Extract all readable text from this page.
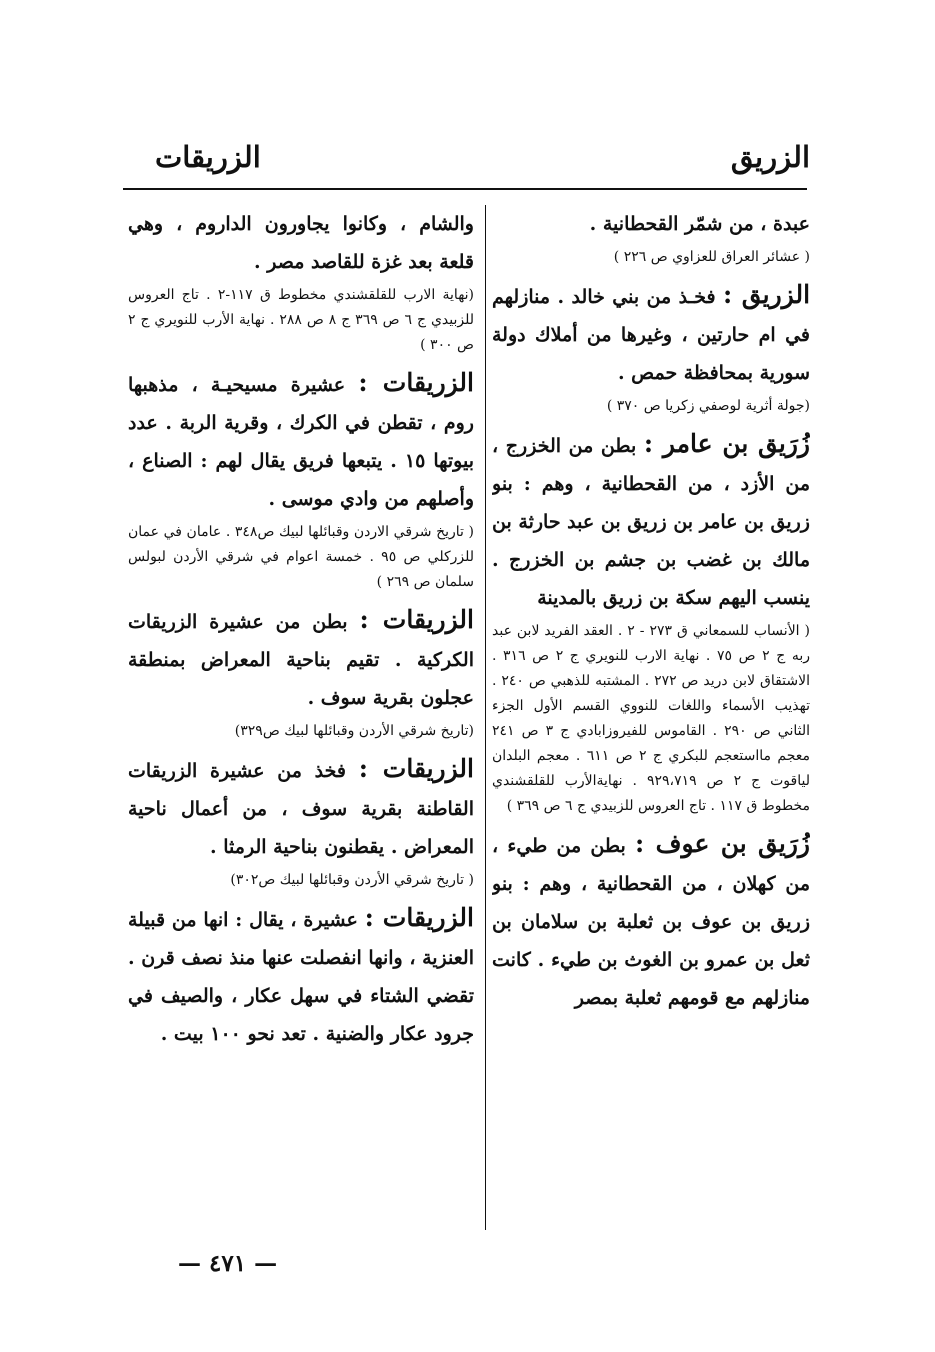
الزريق
الزريقات

عبدة ، من شمّر القحطانية .

( عشائر العراق للعزاوي ص ٢٢٦ )

الزريق : فخـذ من بني خالد . منازلهم في ام حارتين ، وغيرها من أملاك دولة سورية بمحافظة حمص .

(جولة أثرية لوصفي زكريا ص ٣٧٠ )

زُرَيق بن عامر : بطن من الخزرج ، من الأزد ، من القحطانية ، وهم : بنو زريق بن عامر بن زريق بن عبد حارثة بن مالك بن غضب بن جشم بن الخزرج . ينسب اليهم سكة بن زريق بالمدينة

( الأنساب للسمعاني ق ٢٧٣ - ٢ . العقد الفريد لابن عبد ربه ج ٢ ص ٧٥ . نهاية الارب للنويري ج ٢ ص ٣١٦ . الاشتقاق لابن دريد ص ٢٧٢ . المشتبه للذهبي ص ٢٤٠ . تهذيب الأسماء واللغات للنووي القسم الأول الجزء الثاني ص ٢٩٠ . القاموس للفيروزابادي ج ٣ ص ٢٤١ معجم مااستعجم للبكري ج ٢ ص ٦١١ . معجم البلدان لياقوت ج ٢ ص ٩٢٩،٧١٩ . نهايةالأرب للقلقشندي مخطوط ق ١١٧ . تاج العروس للزبيدي ج ٦ ص ٣٦٩ )

زُرَيق بن عوف : بطن من طيء ، من كهلان ، من القحطانية ، وهم : بنو زريق بن عوف بن ثعلبة بن سلامان بن ثعل بن عمرو بن الغوث بن طيء . كانت منازلهم مع قومهم ثعلبة بمصر

والشام ، وكانوا يجاورون الداروم ، وهي قلعة بعد غزة للقاصد مصر .

(نهاية الارب للقلقشندي مخطوط ق ١١٧-٢ . تاج العروس للزبيدي ج ٦ ص ٣٦٩ ج ٨ ص ٢٨٨ . نهاية الأرب للنويري ج ٢ ص ٣٠٠ )

الزريقات : عشيرة مسيحيـة ، مذهبها روم ، تقطن في الكرك ، وقرية الربة . عدد بيوتها ١٥ . يتبعها فريق يقال لهم : الصناع ، وأصلهم من وادي موسى .

( تاريخ شرقي الاردن وقبائلها لبيك ص٣٤٨ . عامان في عمان للزركلي ص ٩٥ . خمسة اعوام في شرقي الأردن لبولس سلمان ص ٢٦٩ )

الزريقات : بطن من عشيرة الزريقات الكركية . تقيم بناحية المعراض بمنطقة عجلون بقرية سوف .

(تاريخ شرقي الأردن وقبائلها لبيك ص٣٢٩)

الزريقات : فخذ من عشيرة الزريقات القاطنة بقرية سوف ، من أعمال ناحية المعراض . يقطنون بناحية الرمثا .

( تاريخ شرقي الأردن وقبائلها لبيك ص٣٠٢)

الزريقات : عشيرة ، يقال : انها من قبيلة العنزية ، وانها انفصلت عنها منذ نصف قرن . تقضي الشتاء في سهل عكار ، والصيف في جرود عكار والضنية . تعد نحو ١٠٠ بيت .

— ٤٧١ —
